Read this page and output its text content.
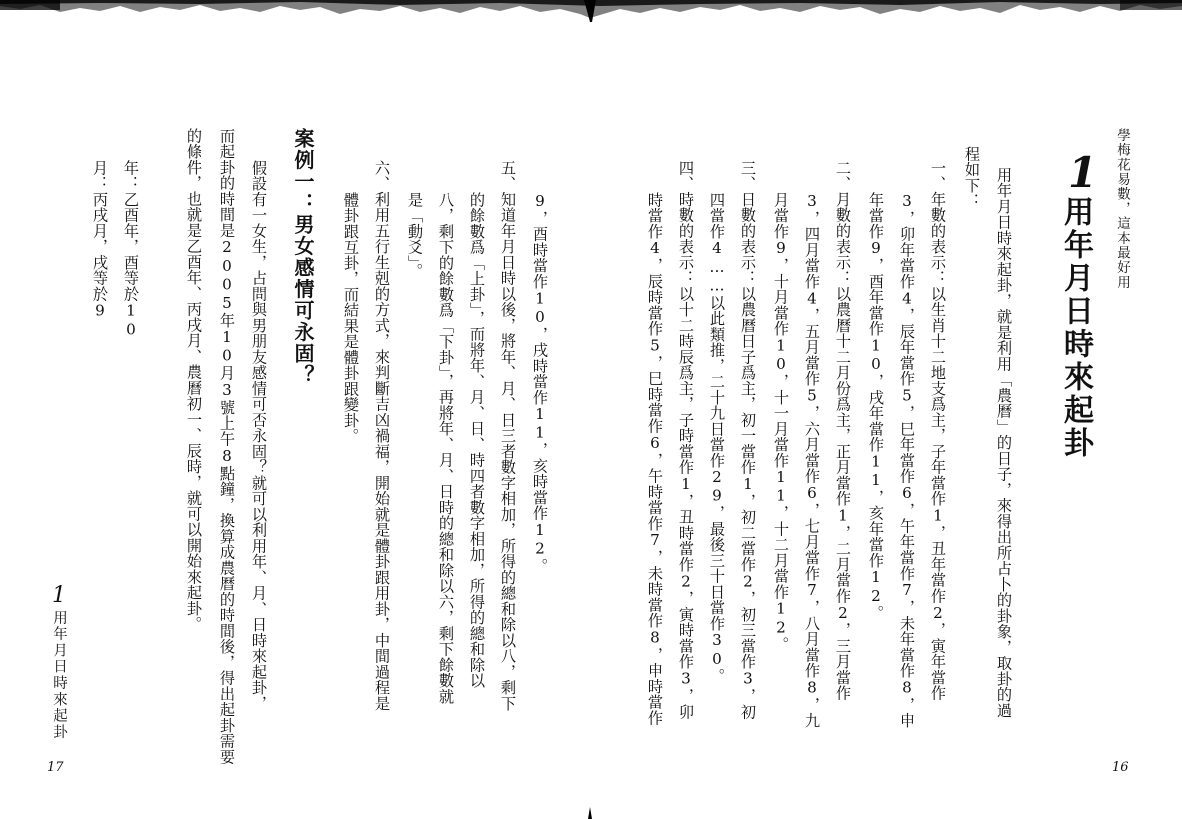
學梅花易數，這本最好用
1
用年月日時來起卦
用年月日時來起卦，就是利用「農曆」的日子，來得出所占卜的卦象，取卦的過
程如下：
一、年數的表示：以生肖十二地支爲主，子年當作1，丑年當作2，寅年當作
3，卯年當作4，辰年當作5，巳年當作6，午年當作7，未年當作8，申
年當作9，酉年當作10，戌年當作11，亥年當作12。
二、月數的表示：以農曆十二月份爲主，正月當作1，二月當作2，三月當作
3，四月當作4，五月當作5，六月當作6，七月當作7，八月當作8，九
月當作9，十月當作10，十一月當作11，十二月當作12。
三、日數的表示：以農曆日子爲主，初一當作1，初二當作2，初三當作3，初
四當作4……以此類推，二十九日當作29，最後三十日當作30。
四、時數的表示：以十二時辰爲主，子時當作1，丑時當作2，寅時當作3，卯
時當作4，辰時當作5，巳時當作6，午時當作7，未時當作8，申時當作
16
9，酉時當作10，戌時當作11，亥時當作12。
五、知道年月日時以後，將年、月、日三者數字相加，所得的總和除以八，剩下
的餘數爲「上卦」，而將年、月、日、時四者數字相加，所得的總和除以
八，剩下的餘數爲「下卦」，再將年、月、日時的總和除以六，剩下餘數就
是「動爻」。
六、利用五行生剋的方式，來判斷吉凶禍福，開始就是體卦跟用卦，中間過程是
體卦跟互卦，而結果是體卦跟變卦。
案例一：男女感情可永固？
假設有一女生，占問與男朋友感情可否永固？就可以利用年、月、日時來起卦，
而起卦的時間是2005年10月3號上午8點鐘，換算成農曆的時間後，得出起卦需要
的條件，也就是乙酉年、丙戌月、農曆初一、辰時，就可以開始來起卦。
年：乙酉年，酉等於10
月：丙戌月，戌等於9
1
用年月日時來起卦
17
